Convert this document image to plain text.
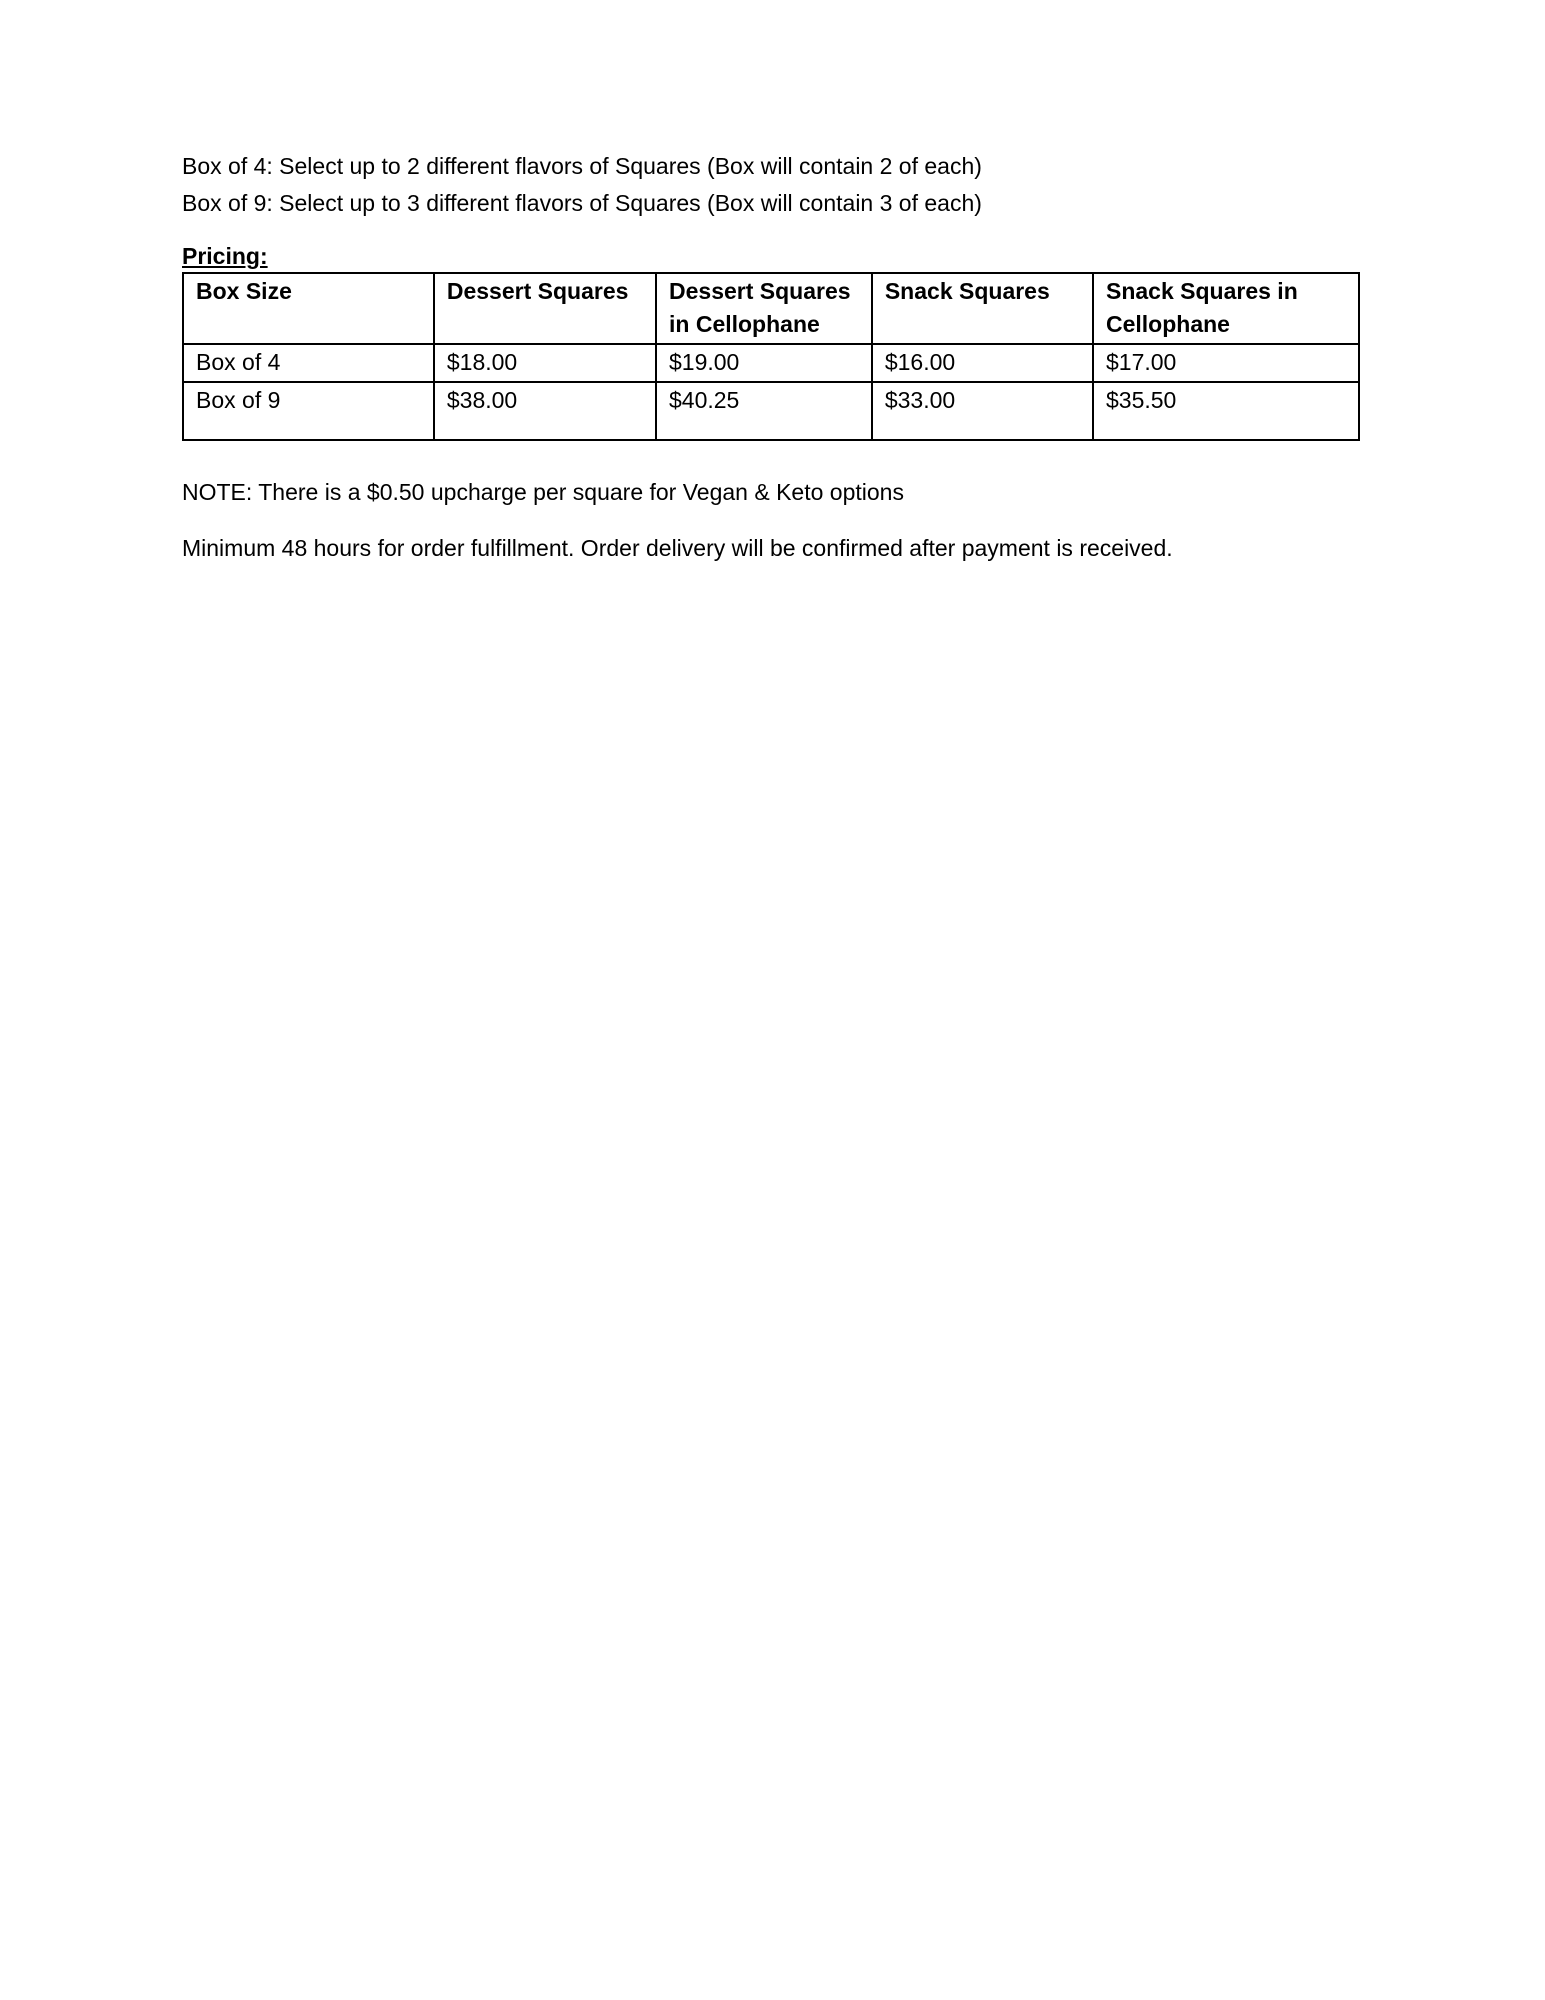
Box of 4: Select up to 2 different flavors of Squares (Box will contain 2 of each)

Box of 9: Select up to 3 different flavors of Squares (Box will contain 3 of each)

Pricing:

Box Size	Dessert Squares	Dessert Squares in Cellophane	Snack Squares	Snack Squares in Cellophane
Box of 4	$18.00	$19.00	$16.00	$17.00
Box of 9	$38.00	$40.25	$33.00	$35.50

NOTE: There is a $0.50 upcharge per square for Vegan & Keto options

Minimum 48 hours for order fulfillment. Order delivery will be confirmed after payment is received.
